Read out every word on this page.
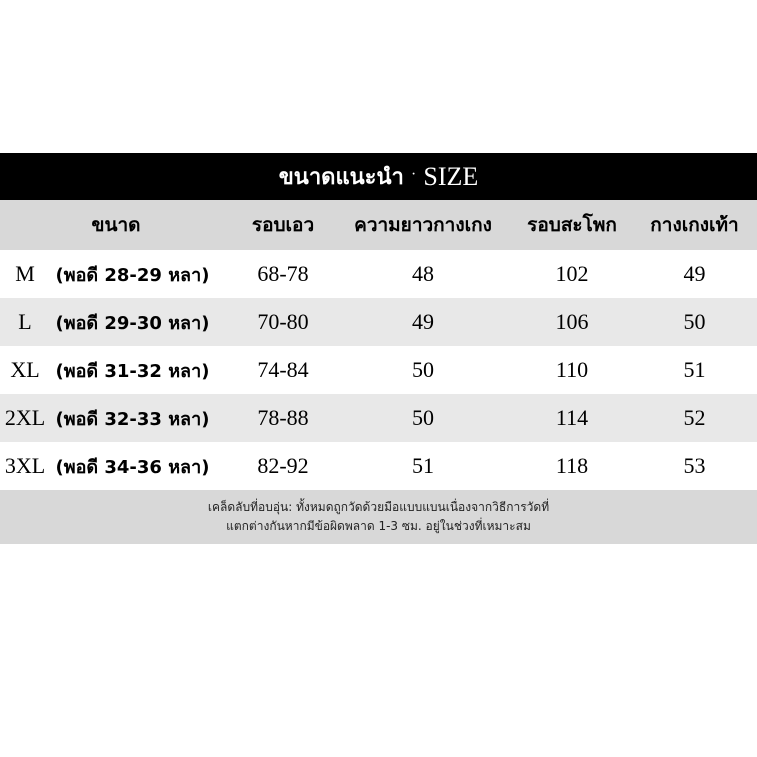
ขนาดแนะนำ · SIZE
ขนาด	รอบเอว	ความยาวกางเกง	รอบสะโพก	กางเกงเท้า
M (พอดี 28-29 หลา)	68-78	48	102	49
L (พอดี 29-30 หลา)	70-80	49	106	50
XL (พอดี 31-32 หลา)	74-84	50	110	51
2XL (พอดี 32-33 หลา)	78-88	50	114	52
3XL (พอดี 34-36 หลา)	82-92	51	118	53
เคล็ดลับที่อบอุ่น: ทั้งหมดถูกวัดด้วยมือแบบแบนเนื่องจากวิธีการวัดที่
แตกต่างกันหากมีข้อผิดพลาด 1-3 ซม. อยู่ในช่วงที่เหมาะสม
